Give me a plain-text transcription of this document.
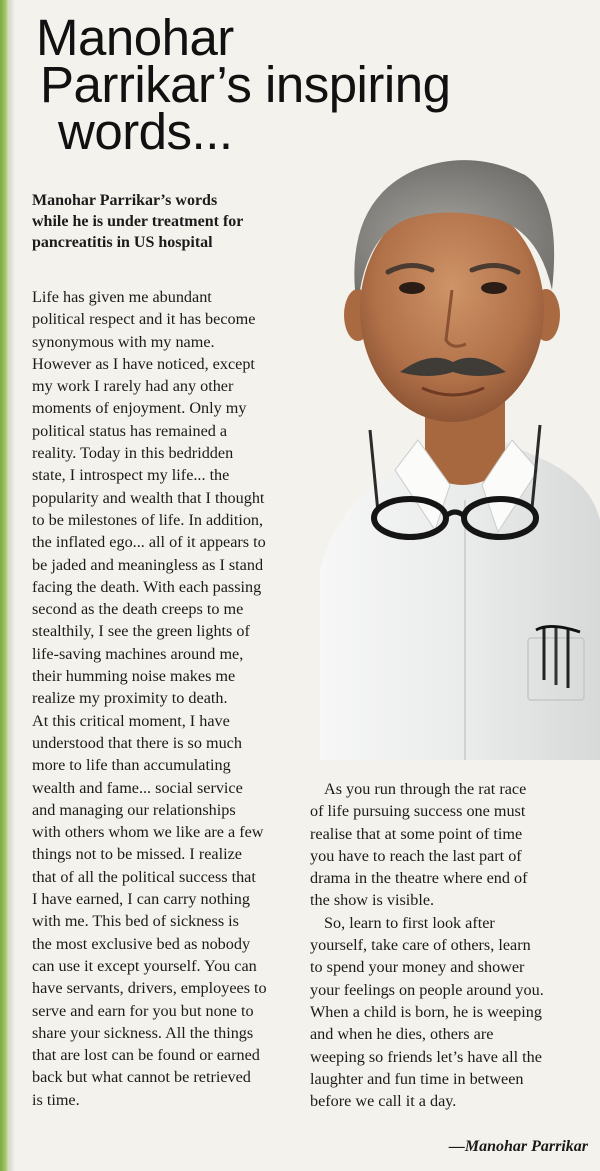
Manohar
Parrikar’s inspiring
words...
Manohar Parrikar’s words
while he is under treatment for
pancreatitis in US hospital

Life has given me abundant

political respect and it has become

synonymous with my name.

However as I have noticed, except

my work I rarely had any other

moments of enjoyment. Only my

political status has remained a

reality. Today in this bedridden

state, I introspect my life... the

popularity and wealth that I thought

to be milestones of life. In addition,

the inflated ego... all of it appears to

be jaded and meaningless as I stand

facing the death. With each passing

second as the death creeps to me

stealthily, I see the green lights of

life-saving machines around me,

their humming noise makes me

realize my proximity to death.

At this critical moment, I have

understood that there is so much

more to life than accumulating

wealth and fame... social service

and managing our relationships

with others whom we like are a few

things not to be missed. I realize

that of all the political success that

I have earned, I can carry nothing

with me. This bed of sickness is

the most exclusive bed as nobody

can use it except yourself. You can

have servants, drivers, employees to

serve and earn for you but none to

share your sickness. All the things

that are lost can be found or earned

back but what cannot be retrieved

is time.

As you run through the rat race

of life pursuing success one must

realise that at some point of time

you have to reach the last part of

drama in the theatre where end of

the show is visible.

So, learn to first look after

yourself, take care of others, learn

to spend your money and shower

your feelings on people around you.

When a child is born, he is weeping

and when he dies, others are

weeping so friends let’s have all the

laughter and fun time in between

before we call it a day.

—Manohar Parrikar
